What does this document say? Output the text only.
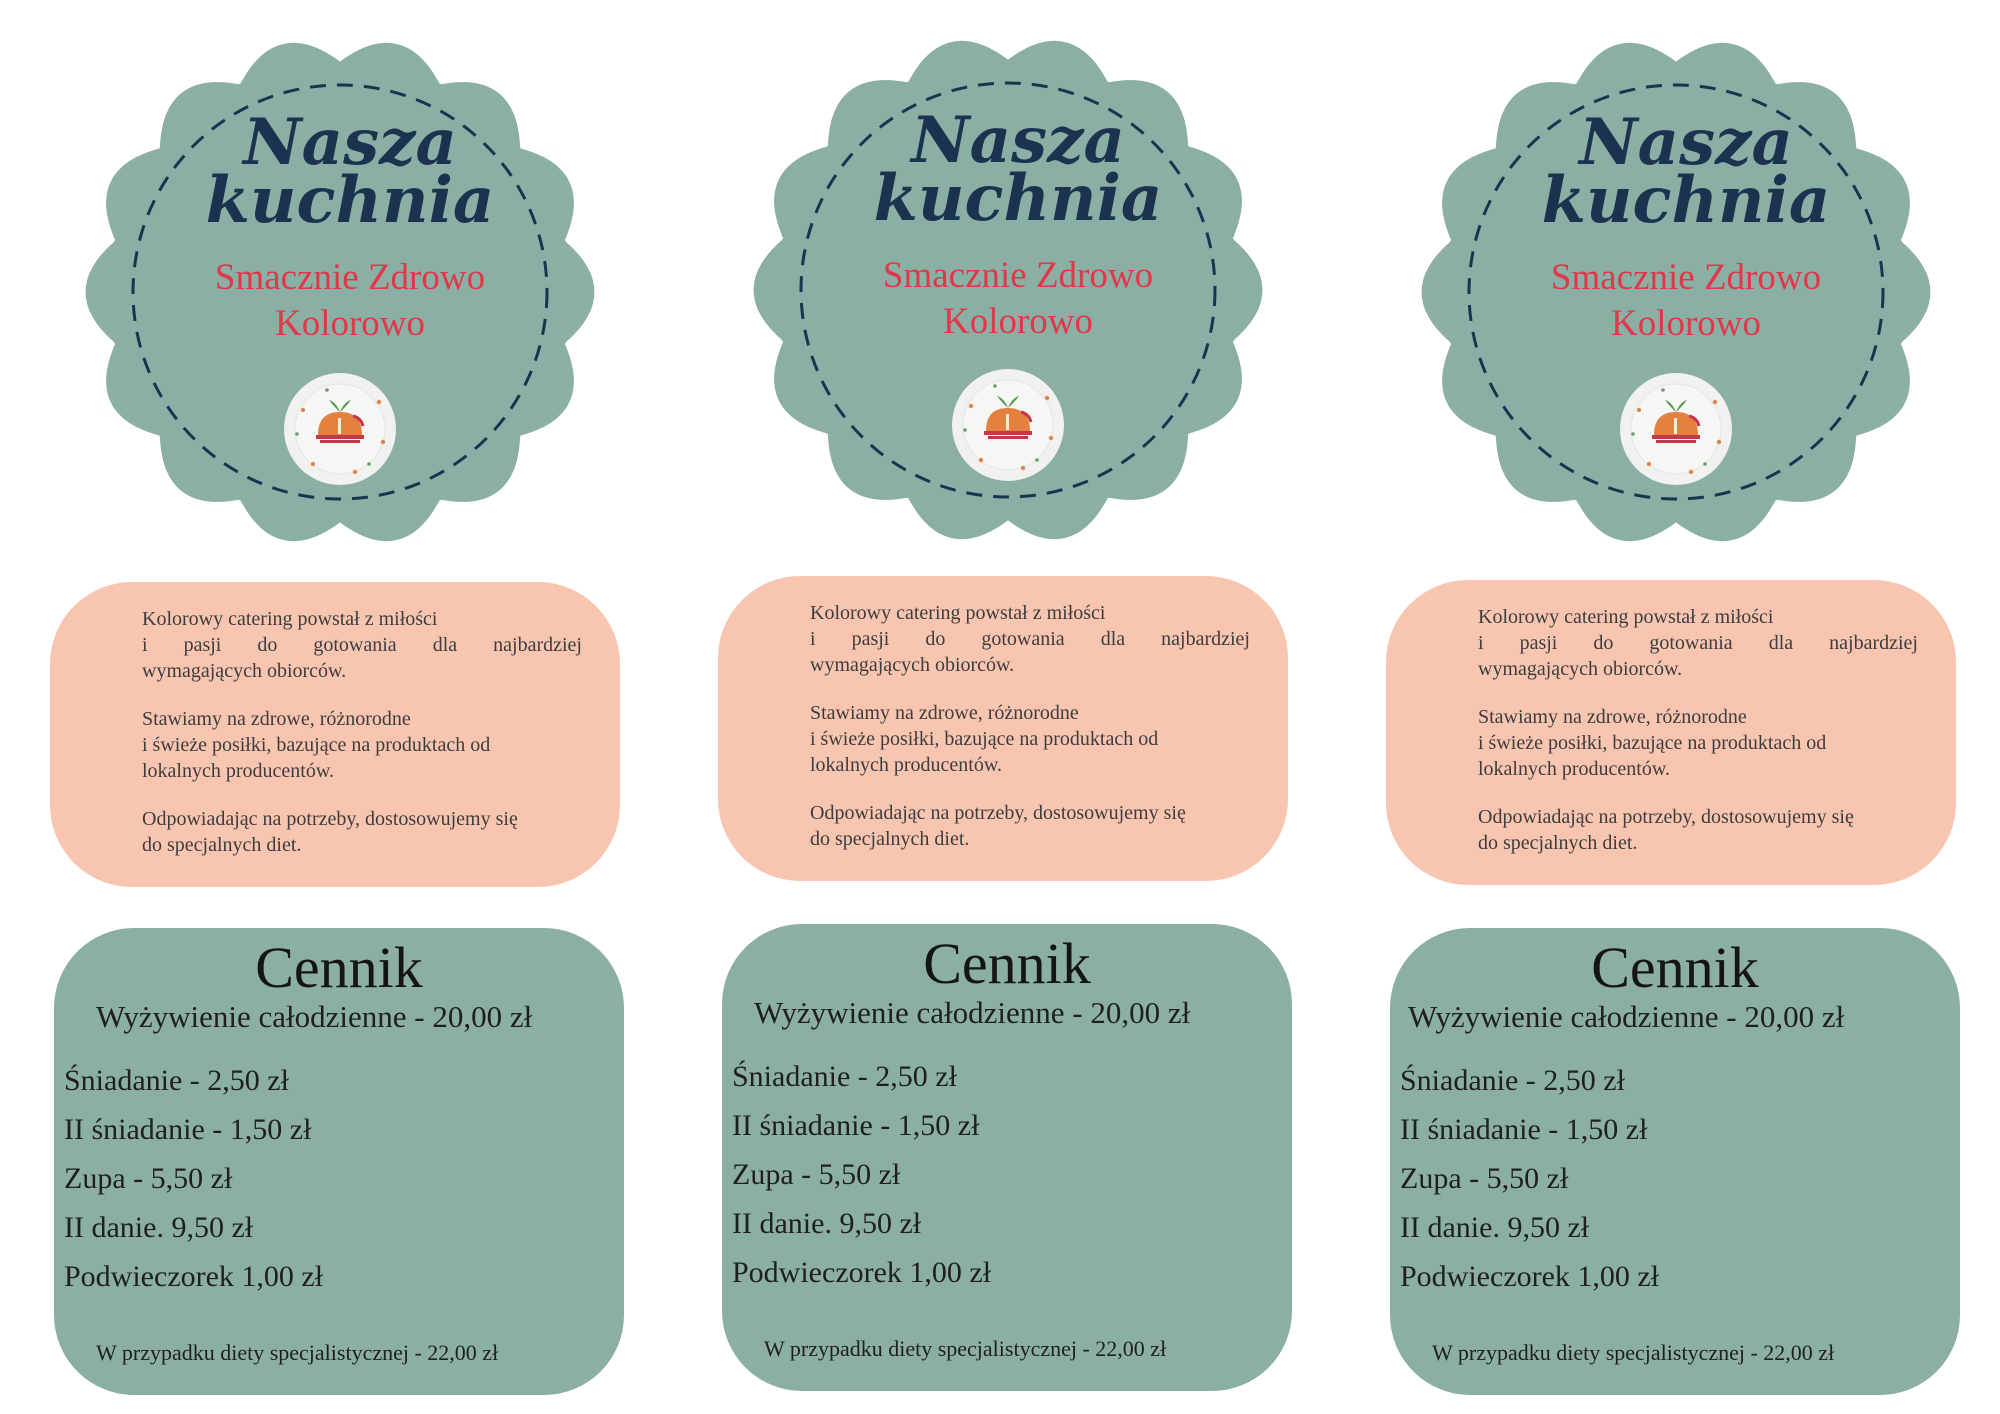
Nasza
kuchnia
Smacznie Zdrowo
Kolorowo

Kolorowy catering powstał z miłości

i pasji do gotowania dla najbardziej
wymagających obiorców.

Stawiamy na zdrowe, różnorodne
i świeże posiłki, bazujące na produktach od
lokalnych producentów.

Odpowiadając na potrzeby, dostosowujemy się
do specjalnych diet.

Cennik
Wyżywienie całodzienne - 20,00 zł
Śniadanie - 2,50 zł
II śniadanie - 1,50 zł
Zupa - 5,50 zł
II danie. 9,50 zł
Podwieczorek 1,00 zł
W przypadku diety specjalistycznej - 22,00 zł
Nasza
kuchnia
Smacznie Zdrowo
Kolorowo

Kolorowy catering powstał z miłości

i pasji do gotowania dla najbardziej
wymagających obiorców.

Stawiamy na zdrowe, różnorodne
i świeże posiłki, bazujące na produktach od
lokalnych producentów.

Odpowiadając na potrzeby, dostosowujemy się
do specjalnych diet.

Cennik
Wyżywienie całodzienne - 20,00 zł
Śniadanie - 2,50 zł
II śniadanie - 1,50 zł
Zupa - 5,50 zł
II danie. 9,50 zł
Podwieczorek 1,00 zł
W przypadku diety specjalistycznej - 22,00 zł
Nasza
kuchnia
Smacznie Zdrowo
Kolorowo

Kolorowy catering powstał z miłości

i pasji do gotowania dla najbardziej
wymagających obiorców.

Stawiamy na zdrowe, różnorodne
i świeże posiłki, bazujące na produktach od
lokalnych producentów.

Odpowiadając na potrzeby, dostosowujemy się
do specjalnych diet.

Cennik
Wyżywienie całodzienne - 20,00 zł
Śniadanie - 2,50 zł
II śniadanie - 1,50 zł
Zupa - 5,50 zł
II danie. 9,50 zł
Podwieczorek 1,00 zł
W przypadku diety specjalistycznej - 22,00 zł
